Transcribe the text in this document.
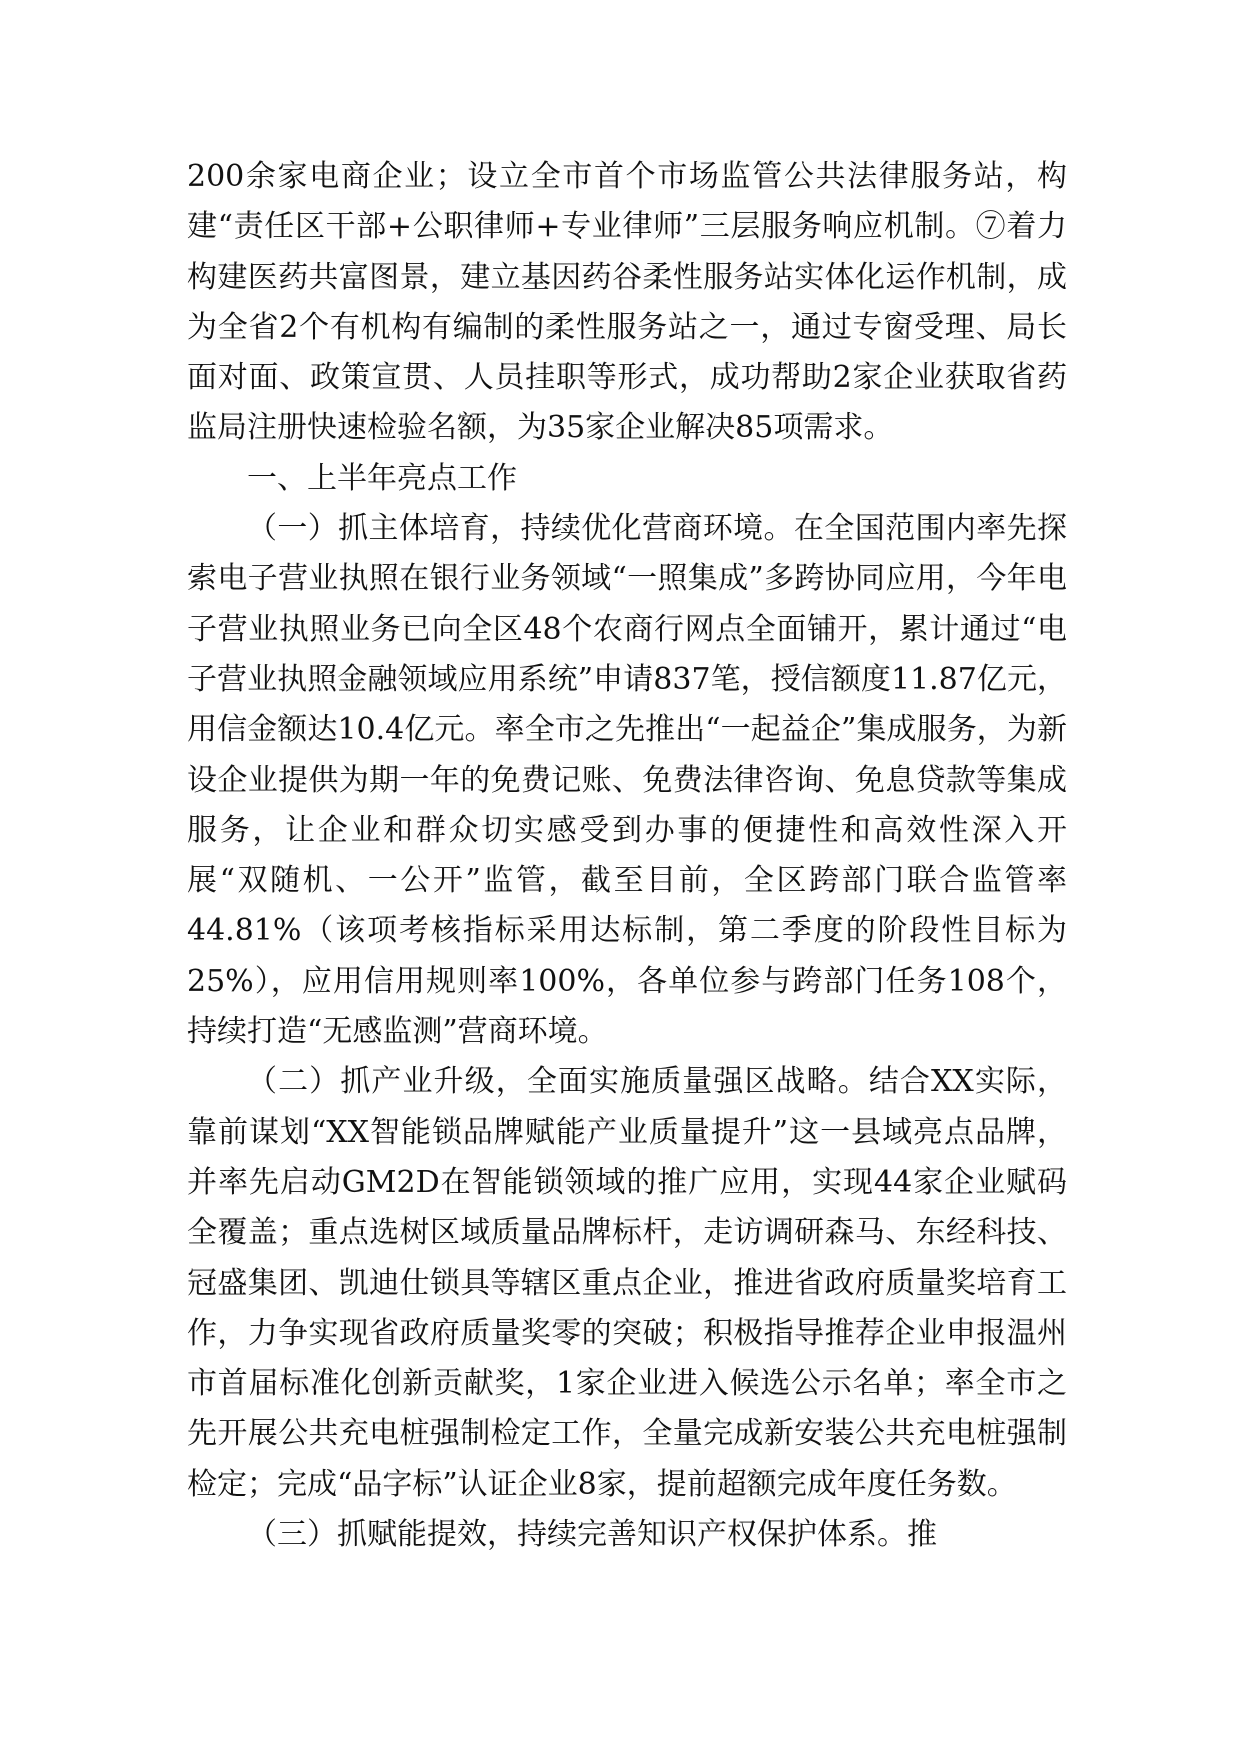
200余家电商企业；设立全市首个市场监管公共法律服务站，构建“责任区干部+公职律师+专业律师”三层服务响应机制。⑦着力构建医药共富图景，建立基因药谷柔性服务站实体化运作机制，成为全省2个有机构有编制的柔性服务站之一，通过专窗受理、局长面对面、政策宣贯、人员挂职等形式，成功帮助2家企业获取省药监局注册快速检验名额，为35家企业解决85项需求。

一、上半年亮点工作

（一）抓主体培育，持续优化营商环境。在全国范围内率先探索电子营业执照在银行业务领域“一照集成”多跨协同应用，今年电子营业执照业务已向全区48个农商行网点全面铺开，累计通过“电子营业执照金融领域应用系统”申请837笔，授信额度11.87亿元，用信金额达10.4亿元。率全市之先推出“一起益企”集成服务，为新设企业提供为期一年的免费记账、免费法律咨询、免息贷款等集成服务，让企业和群众切实感受到办事的便捷性和高效性深入开展“双随机、一公开”监管，截至目前，全区跨部门联合监管率44.81%（该项考核指标采用达标制，第二季度的阶段性目标为25%），应用信用规则率100%，各单位参与跨部门任务108个，持续打造“无感监测”营商环境。

（二）抓产业升级，全面实施质量强区战略。结合XX实际，靠前谋划“XX智能锁品牌赋能产业质量提升”这一县域亮点品牌，并率先启动GM2D在智能锁领域的推广应用，实现44家企业赋码全覆盖；重点选树区域质量品牌标杆，走访调研森马、东经科技、冠盛集团、凯迪仕锁具等辖区重点企业，推进省政府质量奖培育工作，力争实现省政府质量奖零的突破；积极指导推荐企业申报温州市首届标准化创新贡献奖，1家企业进入候选公示名单；率全市之先开展公共充电桩强制检定工作，全量完成新安装公共充电桩强制检定；完成“品字标”认证企业8家，提前超额完成年度任务数。

（三）抓赋能提效，持续完善知识产权保护体系。推
